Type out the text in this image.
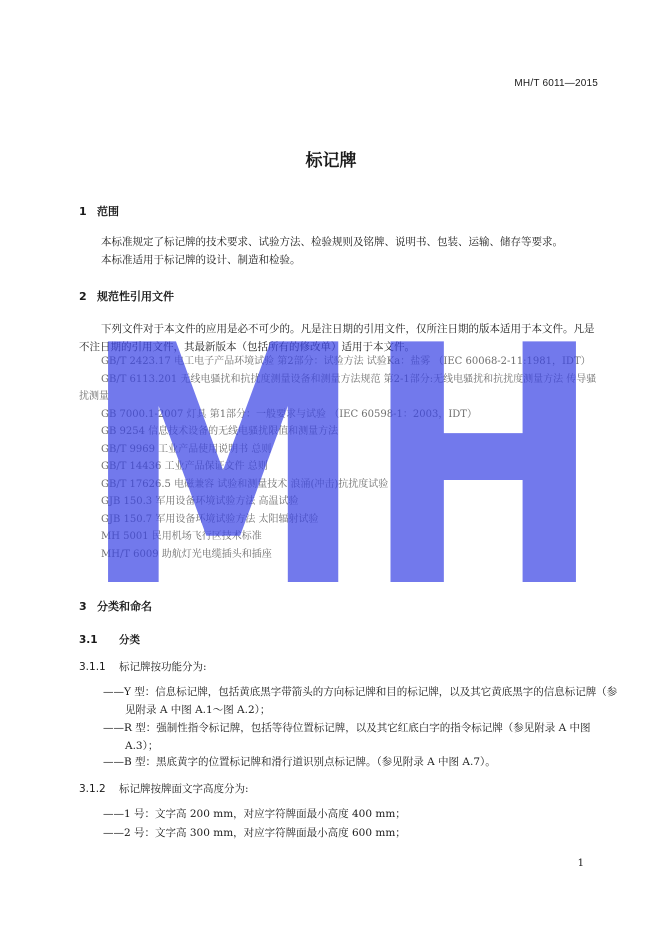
MH/T 6011—2015
标记牌
1 范围
本标准规定了标记牌的技术要求、试验方法、检验规则及铭牌、说明书、包装、运输、储存等要求。
本标准适用于标记牌的设计、制造和检验。
2 规范性引用文件
下列文件对于本文件的应用是必不可少的。凡是注日期的引用文件，仅所注日期的版本适用于本文件。凡是不注日期的引用文件，其最新版本（包括所有的修改单）适用于本文件。

GB/T 2423.17 电工电子产品环境试验 第2部分：试验方法 试验Ka：盐雾 （IEC 60068-2-11:1981，IDT）

GB/T 6113.201 无线电骚扰和抗扰度测量设备和测量方法规范 第2-1部分:无线电骚扰和抗扰度测量方法 传导骚扰测量

GB 7000.1-2007 灯具 第1部分：一般要求与试验 （IEC 60598-1：2003，IDT）

GB 9254 信息技术设备的无线电骚扰限值和测量方法

GB/T 9969 工业产品使用说明书 总则

GB/T 14436 工业产品保证文件 总则

GB/T 17626.5 电磁兼容 试验和测量技术 浪涌(冲击)抗扰度试验

GJB 150.3 军用设备环境试验方法 高温试验

GJB 150.7 军用设备环境试验方法 太阳辐射试验

MH 5001 民用机场飞行区技术标准

MH/T 6009 助航灯光电缆插头和插座

MH
3 分类和命名
3.1 分类
3.1.1 标记牌按功能分为:
——Y 型：信息标记牌，包括黄底黑字带箭头的方向标记牌和目的标记牌，以及其它黄底黑字的信息标记牌（参见附录 A 中图 A.1～图 A.2）；
——R 型：强制性指令标记牌，包括等待位置标记牌，以及其它红底白字的指令标记牌（参见附录 A 中图 A.3）；
——B 型：黑底黄字的位置标记牌和滑行道识别点标记牌。（参见附录 A 中图 A.7）。
3.1.2 标记牌按牌面文字高度分为:
——1 号：文字高 200 mm，对应字符牌面最小高度 400 mm；
——2 号：文字高 300 mm，对应字符牌面最小高度 600 mm；
1
